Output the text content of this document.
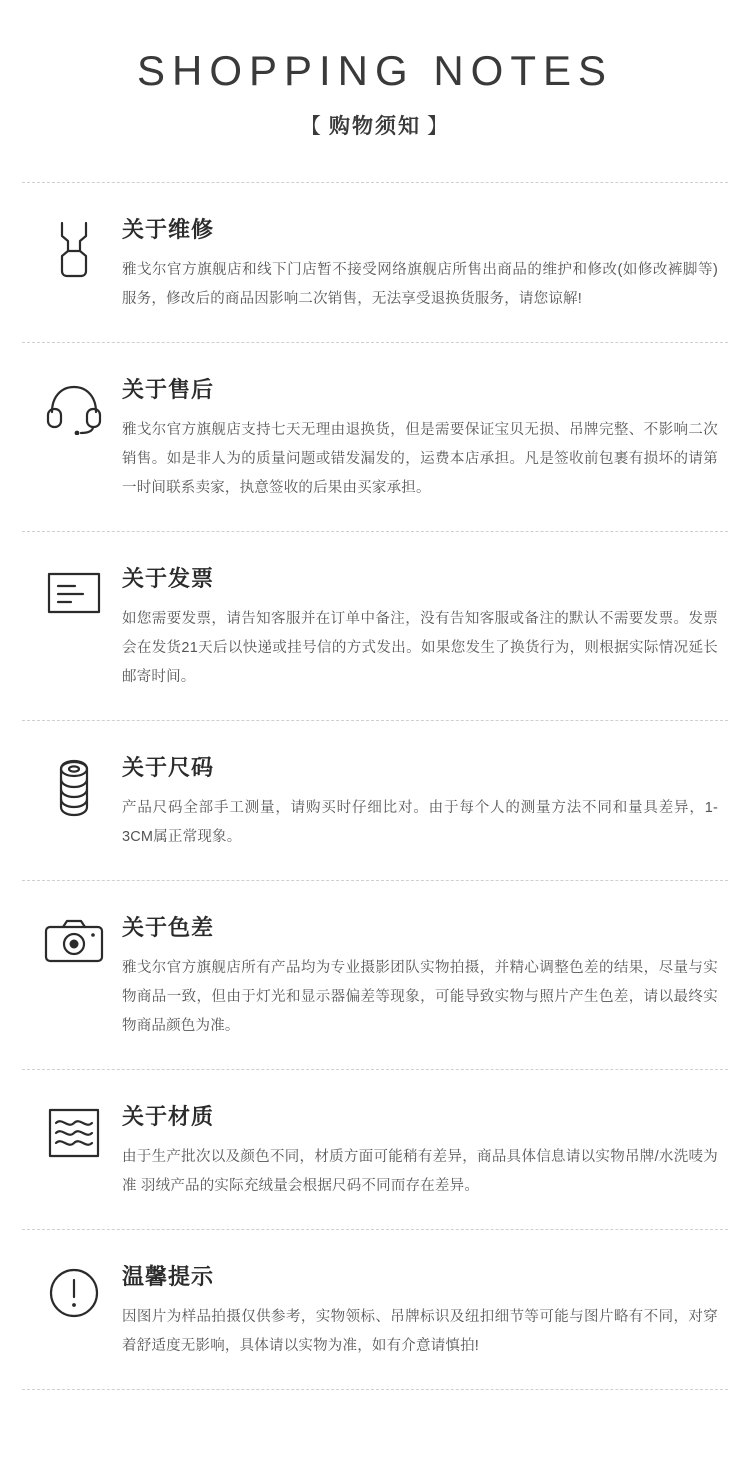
SHOPPING NOTES
【 购物须知 】
关于维修
雅戈尔官方旗舰店和线下门店暂不接受网络旗舰店所售出商品的维护和修改(如修改裤脚等)服务，修改后的商品因影响二次销售，无法享受退换货服务，请您谅解!
关于售后
雅戈尔官方旗舰店支持七天无理由退换货，但是需要保证宝贝无损、吊牌完整、不影响二次销售。如是非人为的质量问题或错发漏发的，运费本店承担。凡是签收前包裹有损坏的请第一时间联系卖家，执意签收的后果由买家承担。
关于发票
如您需要发票，请告知客服并在订单中备注，没有告知客服或备注的默认不需要发票。发票会在发货21天后以快递或挂号信的方式发出。如果您发生了换货行为，则根据实际情况延长邮寄时间。
关于尺码
产品尺码全部手工测量，请购买时仔细比对。由于每个人的测量方法不同和量具差异，1-3CM属正常现象。
关于色差
雅戈尔官方旗舰店所有产品均为专业摄影团队实物拍摄，并精心调整色差的结果，尽量与实物商品一致，但由于灯光和显示器偏差等现象，可能导致实物与照片产生色差，请以最终实物商品颜色为准。
关于材质
由于生产批次以及颜色不同，材质方面可能稍有差异，商品具体信息请以实物吊牌/水洗唛为准 羽绒产品的实际充绒量会根据尺码不同而存在差异。
温馨提示
因图片为样品拍摄仅供参考，实物领标、吊牌标识及纽扣细节等可能与图片略有不同，对穿着舒适度无影响，具体请以实物为准，如有介意请慎拍!
